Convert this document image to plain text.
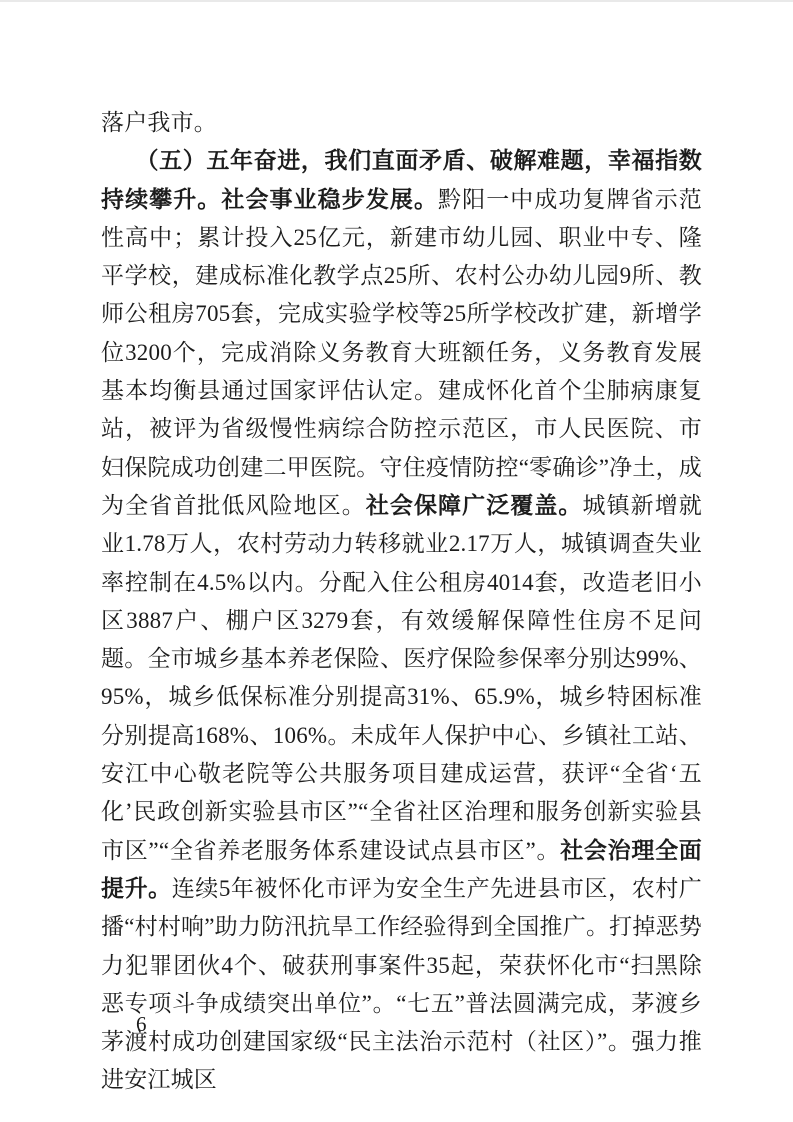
落户我市。

（五）五年奋进，我们直面矛盾、破解难题，幸福指数持续攀升。社会事业稳步发展。黔阳一中成功复牌省示范性高中；累计投入25亿元，新建市幼儿园、职业中专、隆平学校，建成标准化教学点25所、农村公办幼儿园9所、教师公租房705套，完成实验学校等25所学校改扩建，新增学位3200个，完成消除义务教育大班额任务，义务教育发展基本均衡县通过国家评估认定。建成怀化首个尘肺病康复站，被评为省级慢性病综合防控示范区，市人民医院、市妇保院成功创建二甲医院。守住疫情防控“零确诊”净土，成为全省首批低风险地区。社会保障广泛覆盖。城镇新增就业1.78万人，农村劳动力转移就业2.17万人，城镇调查失业率控制在4.5%以内。分配入住公租房4014套，改造老旧小区3887户、棚户区3279套，有效缓解保障性住房不足问题。全市城乡基本养老保险、医疗保险参保率分别达99%、95%，城乡低保标准分别提高31%、65.9%，城乡特困标准分别提高168%、106%。未成年人保护中心、乡镇社工站、安江中心敬老院等公共服务项目建成运营，获评“全省‘五化’民政创新实验县市区”“全省社区治理和服务创新实验县市区”“全省养老服务体系建设试点县市区”。社会治理全面提升。连续5年被怀化市评为安全生产先进县市区，农村广播“村村响”助力防汛抗旱工作经验得到全国推广。打掉恶势力犯罪团伙4个、破获刑事案件35起，荣获怀化市“扫黑除恶专项斗争成绩突出单位”。“七五”普法圆满完成，茅渡乡茅渡村成功创建国家级“民主法治示范村（社区）”。强力推进安江城区

6
